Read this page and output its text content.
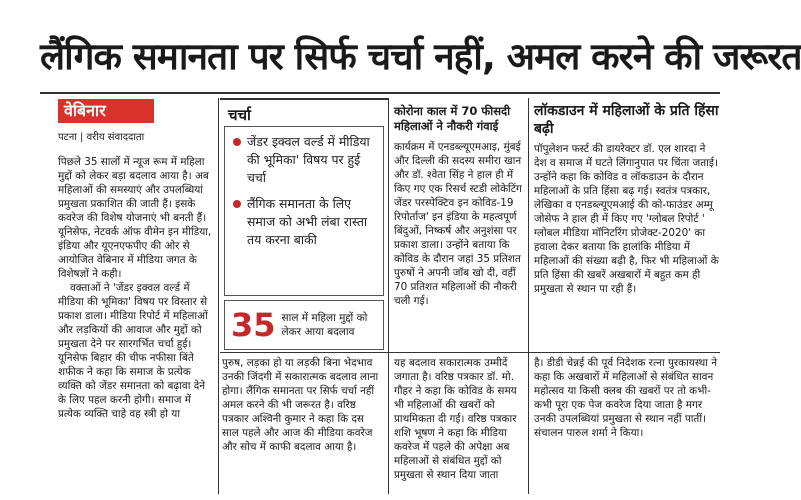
लैंगिक समानता पर सिर्फ चर्चा नहीं, अमल करने की जरूरत
वेबिनार
पटना | वरीय संवाददाता

पिछले 35 सालों में न्यूज रूम में महिला मुद्दों को लेकर बड़ा बदलाव आया है। अब महिलाओं की समस्याएं और उपलब्धियां प्रमुखता प्रकाशित की जाती हैं। इसके कवरेज की विशेष योजनाएं भी बनती हैं। यूनिसेफ, नेटवर्क ऑफ वीमेन इन मीडिया, इंडिया और यूएनएफपीए की ओर से आयोजित वेबिनार में मीडिया जगत के विशेषज्ञों ने कही।

वक्ताओं ने 'जेंडर इक्वल वर्ल्ड में मीडिया की भूमिका' विषय पर विस्तार से प्रकाश डाला। मीडिया रिपोर्ट में महिलाओं और लड़कियों की आवाज और मुद्दों को प्रमुखता देने पर सारगर्भित चर्चा हुई। यूनिसेफ बिहार की चीफ नफीसा बिंते शफीक ने कहा कि समाज के प्रत्येक व्यक्ति को जेंडर समानता को बढ़ावा देने के लिए पहल करनी होगी। समाज में प्रत्येक व्यक्ति चाहे वह स्त्री हो या

चर्चा
जेंडर इक्वल वर्ल्ड में मीडिया की भूमिका' विषय पर हुई चर्चा
लैंगिक समानता के लिए समाज को अभी लंबा रास्ता तय करना बाकी
35 साल में महिला मुद्दों को लेकर आया बदलाव

पुरुष, लड़का हो या लड़की बिना भेदभाव उनकी जिंदगी में सकारात्मक बदलाव लाना होगा। लैंगिक समानता पर सिर्फ चर्चा नहीं अमल करने की भी जरूरत है। वरिष्ठ पत्रकार अश्विनी कुमार ने कहा कि दस साल पहले और आज की मीडिया कवरेज और सोच में काफी बदलाव आया है।

कोरोना काल में 70 फीसदी महिलाओं ने नौकरी गंवाई

कार्यक्रम में एनडब्ल्यूएमआइ, मुंबई और दिल्ली की सदस्य समीरा खान और डॉ. श्वेता सिंह ने हाल ही में किए गए एक रिसर्च स्टडी लोकेटिंग जेंडर परस्पेक्टिव इन कोविड-19 रिपोर्ताज' इन इंडिया के महत्वपूर्ण बिंदुओं, निष्कर्ष और अनुशंसा पर प्रकाश डाला। उन्होंने बताया कि कोविड के दौरान जहां 35 प्रतिशत पुरुषों ने अपनी जॉब खो दी, वहीं 70 प्रतिशत महिलाओं की नौकरी चली गई।

यह बदलाव सकारात्मक उम्मीदें जगाता है। वरिष्ठ पत्रकार डॉ. मो. गौहर ने कहा कि कोविड के समय भी महिलाओं की खबरों को प्राथमिकता दी गई। वरिष्ठ पत्रकार शशि भूषण ने कहा कि मीडिया कवरेज में पहले की अपेक्षा अब महिलाओं से संबंधित मुद्दों को प्रमुखता से स्थान दिया जाता

लॉकडाउन में महिलाओं के प्रति हिंसा बढ़ी

पॉपुलेशन फर्स्ट की डायरेक्टर डॉ. एल शारदा ने देश व समाज में घटते लिंगानुपात पर चिंता जताई। उन्होंने कहा कि कोविड व लॉकडाउन के दौरान महिलाओं के प्रति हिंसा बढ़ गई। स्वतंत्र पत्रकार, लेखिका व एनडब्ल्यूएमआई की को-फाउंडर अम्मू जोसेफ ने हाल ही में किए गए 'ग्लोबल रिपोर्ट ' ग्लोबल मीडिया मॉनिटरिंग प्रोजेक्ट-2020' का हवाला देकर बताया कि हालांकि मीडिया में महिलाओं की संख्या बढ़ी है, फिर भी महिलाओं के प्रति हिंसा की खबरें अखबारों में बहुत कम ही प्रमुखता से स्थान पा रही हैं।

है। डीडी चेन्नई की पूर्व निदेशक रत्ना पुरकायस्था ने कहा कि अखबारों में महिलाओं से संबंधित सावन महोत्सव या किसी क्लब की खबरों पर तो कभी-कभी पूरा एक पेज कवरेज दिया जाता है मगर उनकी उपलब्धियां प्रमुखता से स्थान नहीं पातीं। संचालन पारुल शर्मा ने किया।
